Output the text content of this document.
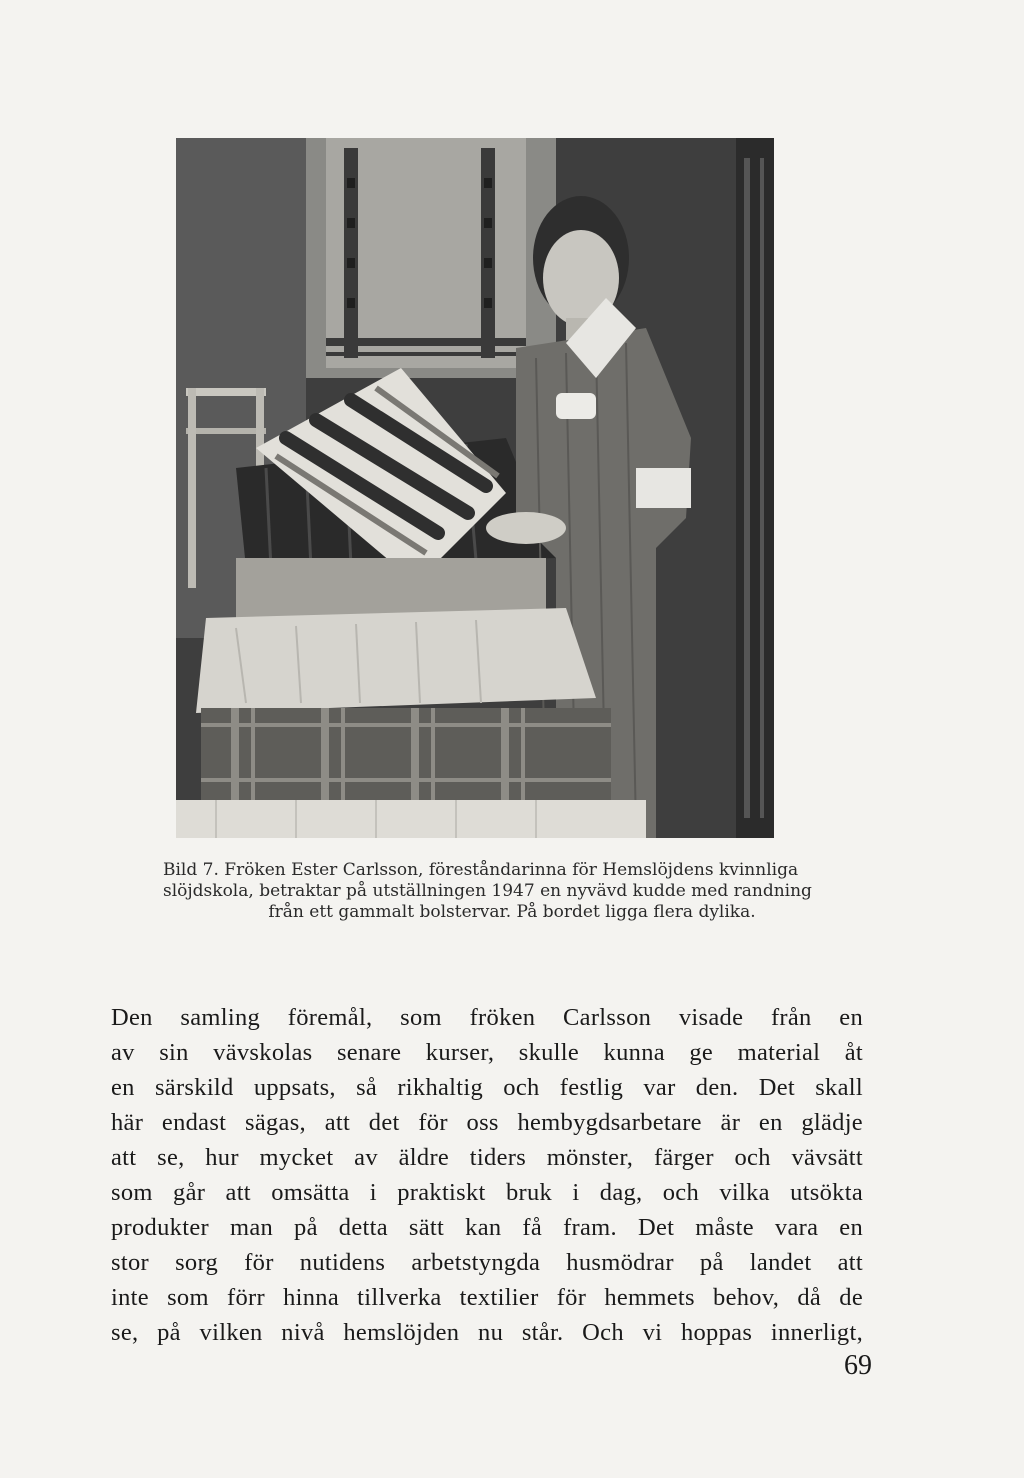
Bild 7. Fröken Ester Carlsson, föreståndarinna för Hemslöjdens kvinnliga

slöjdskola, betraktar på utställningen 1947 en nyvävd kudde med randning

från ett gammalt bolstervar. På bordet ligga flera dylika.

Den samling föremål, som fröken Carlsson visade från en
av sin vävskolas senare kurser, skulle kunna ge material åt
en särskild uppsats, så rikhaltig och festlig var den. Det skall
här endast sägas, att det för oss hembygdsarbetare är en glädje
att se, hur mycket av äldre tiders mönster, färger och vävsätt
som går att omsätta i praktiskt bruk i dag, och vilka utsökta
produkter man på detta sätt kan få fram. Det måste vara en
stor sorg för nutidens arbetstyngda husmödrar på landet att
inte som förr hinna tillverka textilier för hemmets behov, då de
se, på vilken nivå hemslöjden nu står. Och vi hoppas innerligt,
69
